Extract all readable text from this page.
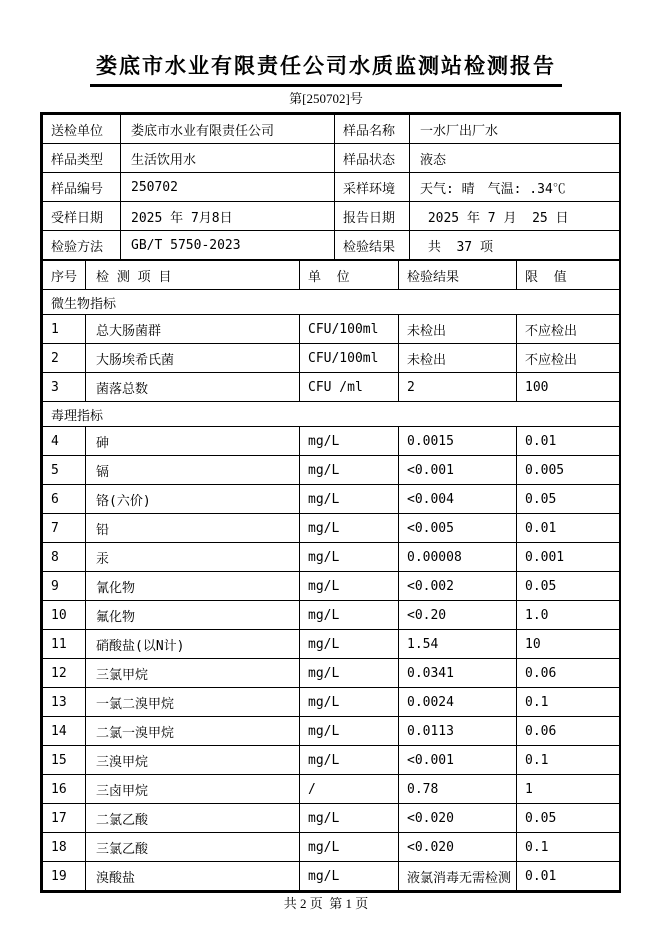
娄底市水业有限责任公司水质监测站检测报告
第[250702]号
送检单位	娄底市水业有限责任公司	样品名称	一水厂出厂水
样品类型	生活饮用水	样品状态	液态
样品编号	250702	采样环境	天气: 晴　气温: .34℃
受样日期	2025 年 7月8日	报告日期	2025 年 7 月  25 日
检验方法	GB/T 5750-2023	检验结果	共  37 项
序号	检 测 项 目	单  位	检验结果	限  值
微生物指标				
1	总大肠菌群	CFU/100ml	未检出	不应检出
2	大肠埃希氏菌	CFU/100ml	未检出	不应检出
3	菌落总数	CFU /ml	2	100
毒理指标				
4	砷	mg/L	0.0015	0.01
5	镉	mg/L	<0.001	0.005
6	铬(六价)	mg/L	<0.004	0.05
7	铅	mg/L	<0.005	0.01
8	汞	mg/L	0.00008	0.001
9	氰化物	mg/L	<0.002	0.05
10	氟化物	mg/L	<0.20	1.0
11	硝酸盐(以N计)	mg/L	1.54	10
12	三氯甲烷	mg/L	0.0341	0.06
13	一氯二溴甲烷	mg/L	0.0024	0.1
14	二氯一溴甲烷	mg/L	0.0113	0.06
15	三溴甲烷	mg/L	<0.001	0.1
16	三卤甲烷	/	0.78	1
17	二氯乙酸	mg/L	<0.020	0.05
18	三氯乙酸	mg/L	<0.020	0.1
19	溴酸盐	mg/L	液氯消毒无需检测	0.01
共 2 页  第 1 页
